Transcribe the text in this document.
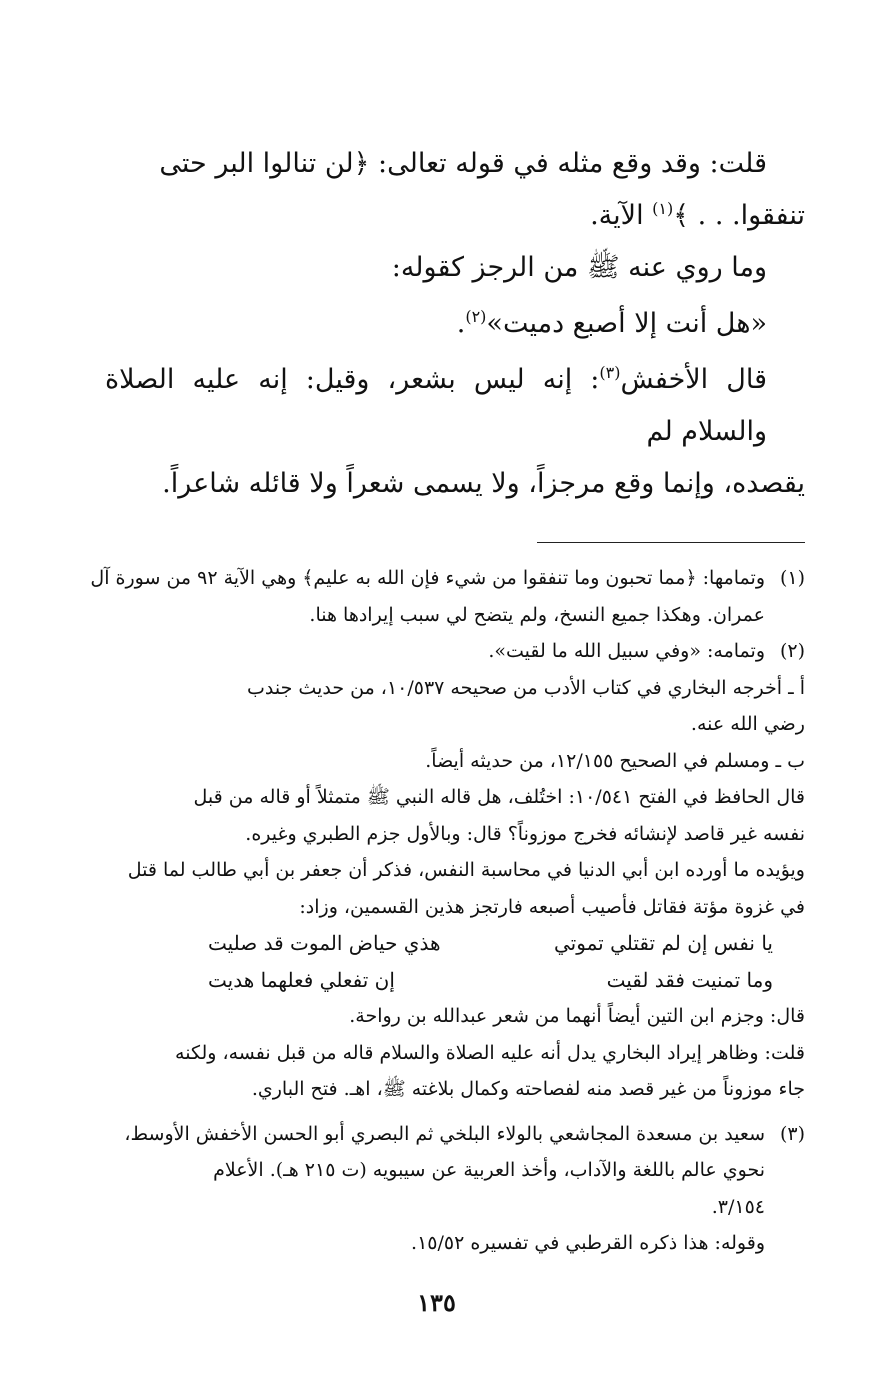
قلت: وقد وقع مثله في قوله تعالى: ﴿لن تنالوا البر حتى
تنفقوا. . . ﴾$^{(١)}$ الآية.
وما روي عنه ﷺ من الرجز كقوله:
«هل أنت إلا أصبع دميت»$^{(٢)}$.
قال الأخفش$^{(٣)}$: إنه ليس بشعر، وقيل: إنه عليه الصلاة والسلام لم
يقصده، وإنما وقع مرجزاً، ولا يسمى شعراً ولا قائله شاعراً.
(١)وتمامها: ﴿مما تحبون وما تنفقوا من شيء فإن الله به عليم﴾ وهي الآية ٩٢ من سورة آل
عمران. وهكذا جميع النسخ، ولم يتضح لي سبب إيرادها هنا.
(٢)وتمامه: «وفي سبيل الله ما لقيت».
أ ـ أخرجه البخاري في كتاب الأدب من صحيحه ١٠/٥٣٧، من حديث جندب
رضي الله عنه.
ب ـ ومسلم في الصحيح ١٢/١٥٥، من حديثه أيضاً.
قال الحافظ في الفتح ١٠/٥٤١: اختُلف، هل قاله النبي ﷺ متمثلاً أو قاله من قبل
نفسه غير قاصد لإنشائه فخرج موزوناً؟ قال: وبالأول جزم الطبري وغيره.
ويؤيده ما أورده ابن أبي الدنيا في محاسبة النفس، فذكر أن جعفر بن أبي طالب لما قتل
في غزوة مؤتة فقاتل فأصيب أصبعه فارتجز هذين القسمين، وزاد:
يا نفس إن لم تقتلي تموتي
هذي حياض الموت قد صليت
وما تمنيت فقد لقيت
إن تفعلي فعلهما هديت
قال: وجزم ابن التين أيضاً أنهما من شعر عبدالله بن رواحة.
قلت: وظاهر إيراد البخاري يدل أنه عليه الصلاة والسلام قاله من قبل نفسه، ولكنه
جاء موزوناً من غير قصد منه لفصاحته وكمال بلاغته ﷺ، اهـ. فتح الباري.
(٣)سعيد بن مسعدة المجاشعي بالولاء البلخي ثم البصري أبو الحسن الأخفش الأوسط،
نحوي عالم باللغة والآداب، وأخذ العربية عن سيبويه (ت ٢١٥ هـ). الأعلام
٣/١٥٤.
وقوله: هذا ذكره القرطبي في تفسيره ١٥/٥٢.
١٣٥
